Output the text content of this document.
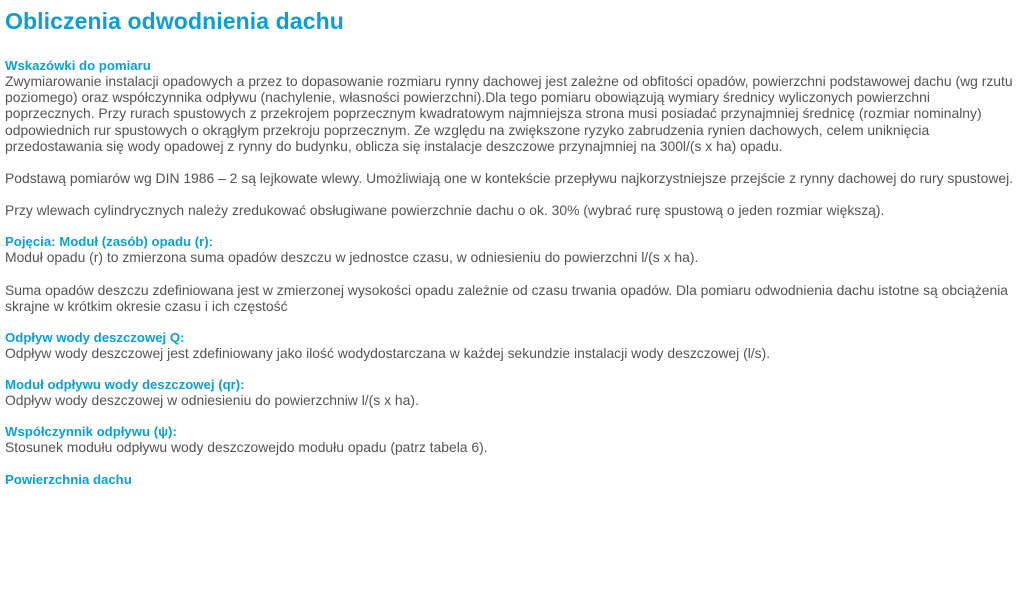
Obliczenia odwodnienia dachu
Wskazówki do pomiaru

Zwymiarowanie instalacji opadowych a przez to dopasowanie rozmiaru rynny dachowej jest zależne od obfitości opadów, powierzchni podstawowej dachu (wg rzutu poziomego) oraz współczynnika odpływu (nachylenie, własności powierzchni).Dla tego pomiaru obowiązują wymiary średnicy wyliczonych powierzchni poprzecznych. Przy rurach spustowych z przekrojem poprzecznym kwadratowym najmniejsza strona musi posiadać przynajmniej średnicę (rozmiar nominalny) odpowiednich rur spustowych o okrągłym przekroju poprzecznym. Ze względu na zwiększone ryzyko zabrudzenia rynien dachowych, celem uniknięcia przedostawania się wody opadowej z rynny do budynku, oblicza się instalacje deszczowe przynajmniej na 300l/(s x ha) opadu.

Podstawą pomiarów wg DIN 1986 – 2 są lejkowate wlewy. Umożliwiają one w kontekście przepływu najkorzystniejsze przejście z rynny dachowej do rury spustowej.

Przy wlewach cylindrycznych należy zredukować obsługiwane powierzchnie dachu o ok. 30% (wybrać rurę spustową o jeden rozmiar większą).

Pojęcia: Moduł (zasób) opadu (r):

Moduł opadu (r) to zmierzona suma opadów deszczu w jednostce czasu, w odniesieniu do powierzchni l/(s x ha).

Suma opadów deszczu zdefiniowana jest w zmierzonej wysokości opadu zależnie od czasu trwania opadów. Dla pomiaru odwodnienia dachu istotne są obciążenia skrajne w krótkim okresie czasu i ich częstość

Odpływ wody deszczowej Q:

Odpływ wody deszczowej jest zdefiniowany jako ilość wodydostarczana w każdej sekundzie instalacji wody deszczowej (l/s).

Moduł odpływu wody deszczowej (qr):

Odpływ wody deszczowej w odniesieniu do powierzchniw l/(s x ha).

Współczynnik odpływu (ψ):

Stosunek modułu odpływu wody deszczowejdo modułu opadu (patrz tabela 6).

Powierzchnia dachu
